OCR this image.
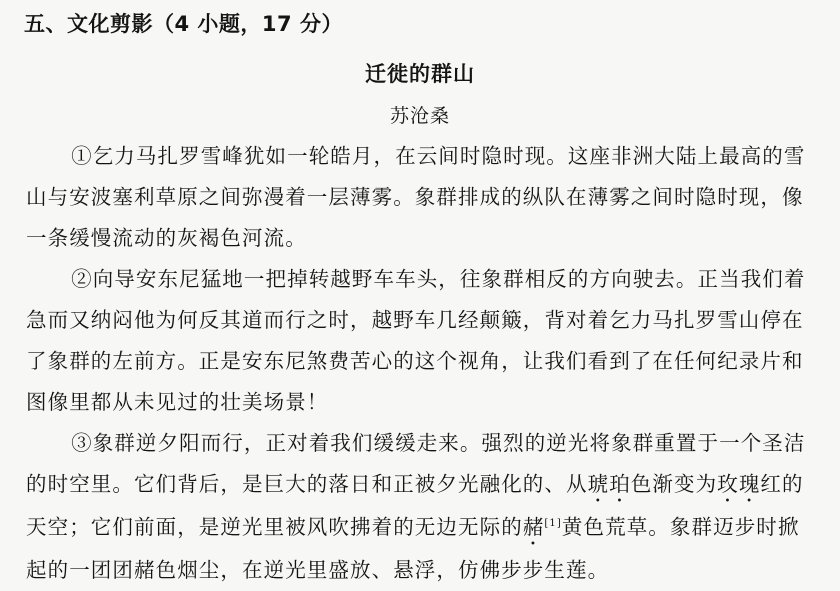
五、文化剪影（4 小题，17 分）
迁徙的群山
苏沧桑

①乞力马扎罗雪峰犹如一轮皓月，在云间时隐时现。这座非洲大陆上最高的雪山与安波塞利草原之间弥漫着一层薄雾。象群排成的纵队在薄雾之间时隐时现，像一条缓慢流动的灰褐色河流。

②向导安东尼猛地一把掉转越野车车头，往象群相反的方向驶去。正当我们着急而又纳闷他为何反其道而行之时，越野车几经颠簸，背对着乞力马扎罗雪山停在了象群的左前方。正是安东尼煞费苦心的这个视角，让我们看到了在任何纪录片和图像里都从未见过的壮美场景！

③象群逆夕阳而行，正对着我们缓缓走来。强烈的逆光将象群重置于一个圣洁的时空里。它们背后，是巨大的落日和正被夕光融化的、从琥珀色渐变为玫瑰红的天空；它们前面，是逆光里被风吹拂着的无边无际的赭[1]黄色荒草。象群迈步时掀起的一团团赭色烟尘，在逆光里盛放、悬浮，仿佛步步生莲。
